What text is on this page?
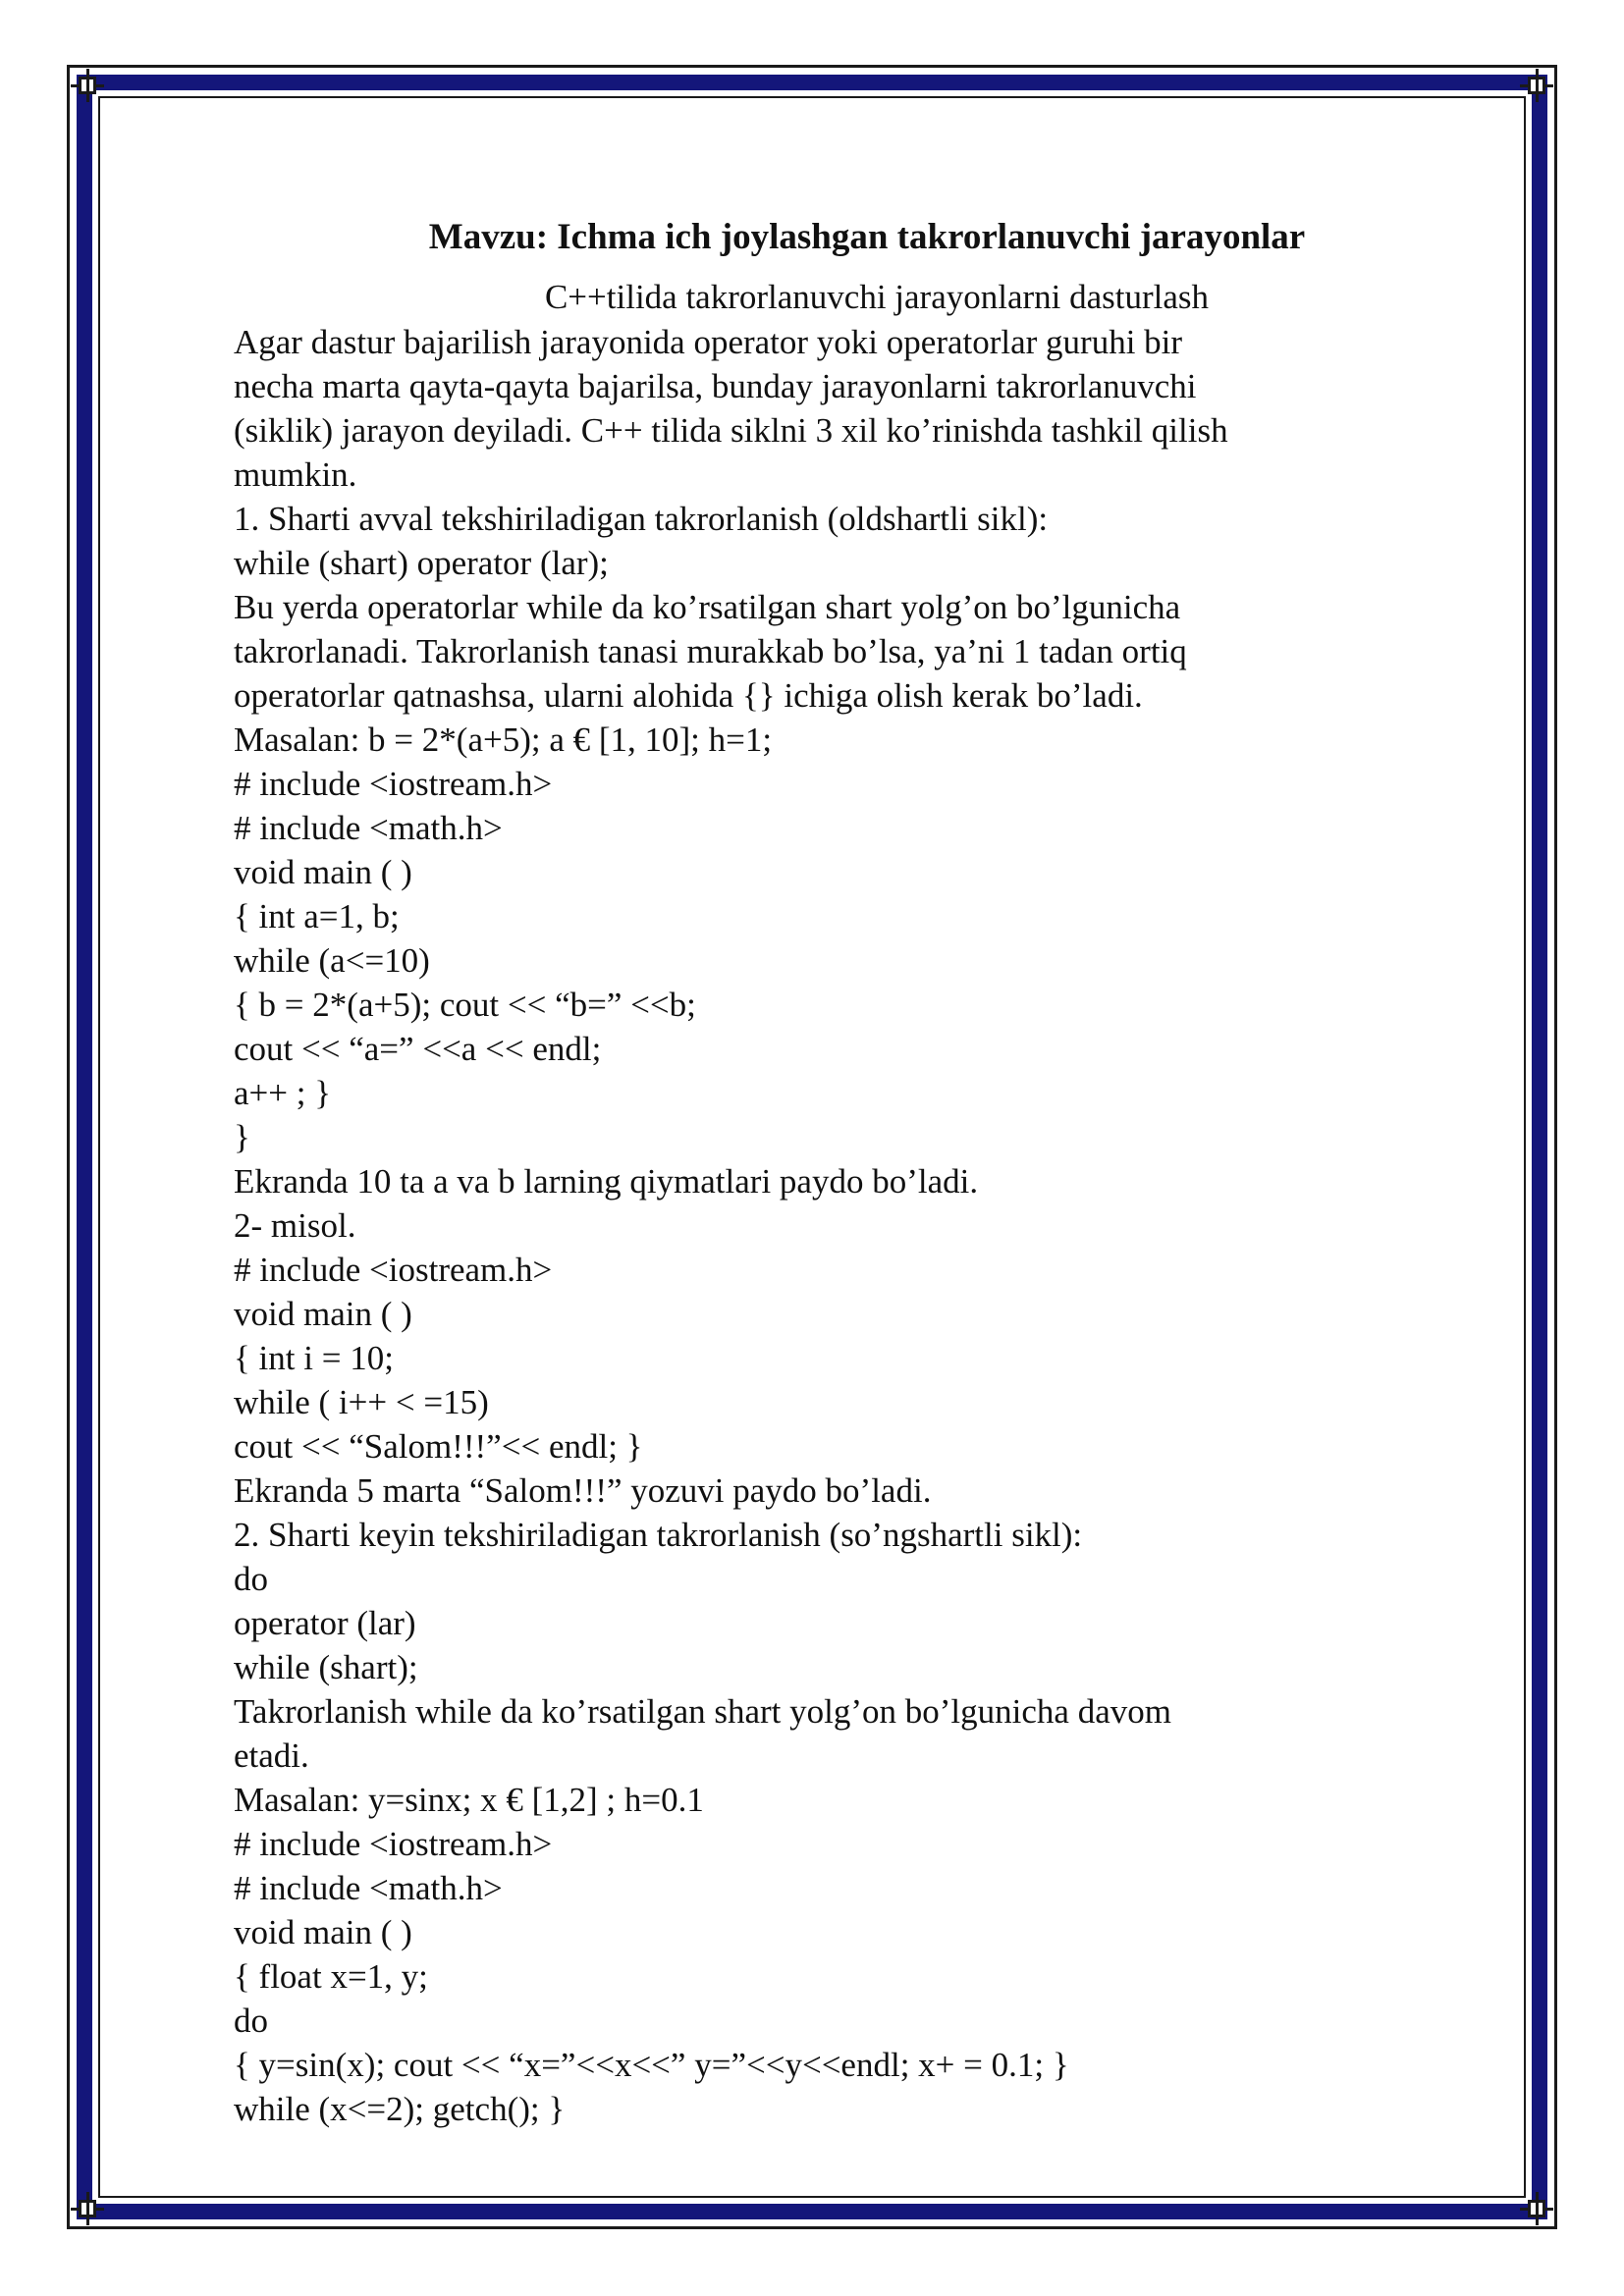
Mavzu: Ichma ich joylashgan takrorlanuvchi jarayonlar
C++tilida takrorlanuvchi jarayonlarni dasturlash
Agar dastur bajarilish jarayonida operator yoki operatorlar guruhi bir
necha marta qayta-qayta bajarilsa, bunday jarayonlarni takrorlanuvchi
(siklik) jarayon deyiladi. C++ tilida siklni 3 xil ko’rinishda tashkil qilish
mumkin.
1. Sharti avval tekshiriladigan takrorlanish (oldshartli sikl):
while (shart) operator (lar);
Bu yerda operatorlar while da ko’rsatilgan shart yolg’on bo’lgunicha
takrorlanadi. Takrorlanish tanasi murakkab bo’lsa, ya’ni 1 tadan ortiq
operatorlar qatnashsa, ularni alohida {} ichiga olish kerak bo’ladi.
Masalan: b = 2*(a+5); a € [1, 10]; h=1;
# include <iostream.h>
# include <math.h>
void main ( )
{ int a=1, b;
while (a<=10)
{ b = 2*(a+5); cout << “b=” <<b;
cout << “a=” <<a << endl;
a++ ; }
}
Ekranda 10 ta a va b larning qiymatlari paydo bo’ladi.
2- misol.
# include <iostream.h>
void main ( )
{ int i = 10;
while ( i++ < =15)
cout << “Salom!!!”<< endl; }
Ekranda 5 marta “Salom!!!” yozuvi paydo bo’ladi.
2. Sharti keyin tekshiriladigan takrorlanish (so’ngshartli sikl):
do
operator (lar)
while (shart);
Takrorlanish while da ko’rsatilgan shart yolg’on bo’lgunicha davom
etadi.
Masalan: y=sinx; x € [1,2] ; h=0.1
# include <iostream.h>
# include <math.h>
void main ( )
{ float x=1, y;
do
{ y=sin(x); cout << “x=”<<x<<” y=”<<y<<endl; x+ = 0.1; }
while (x<=2); getch(); }
